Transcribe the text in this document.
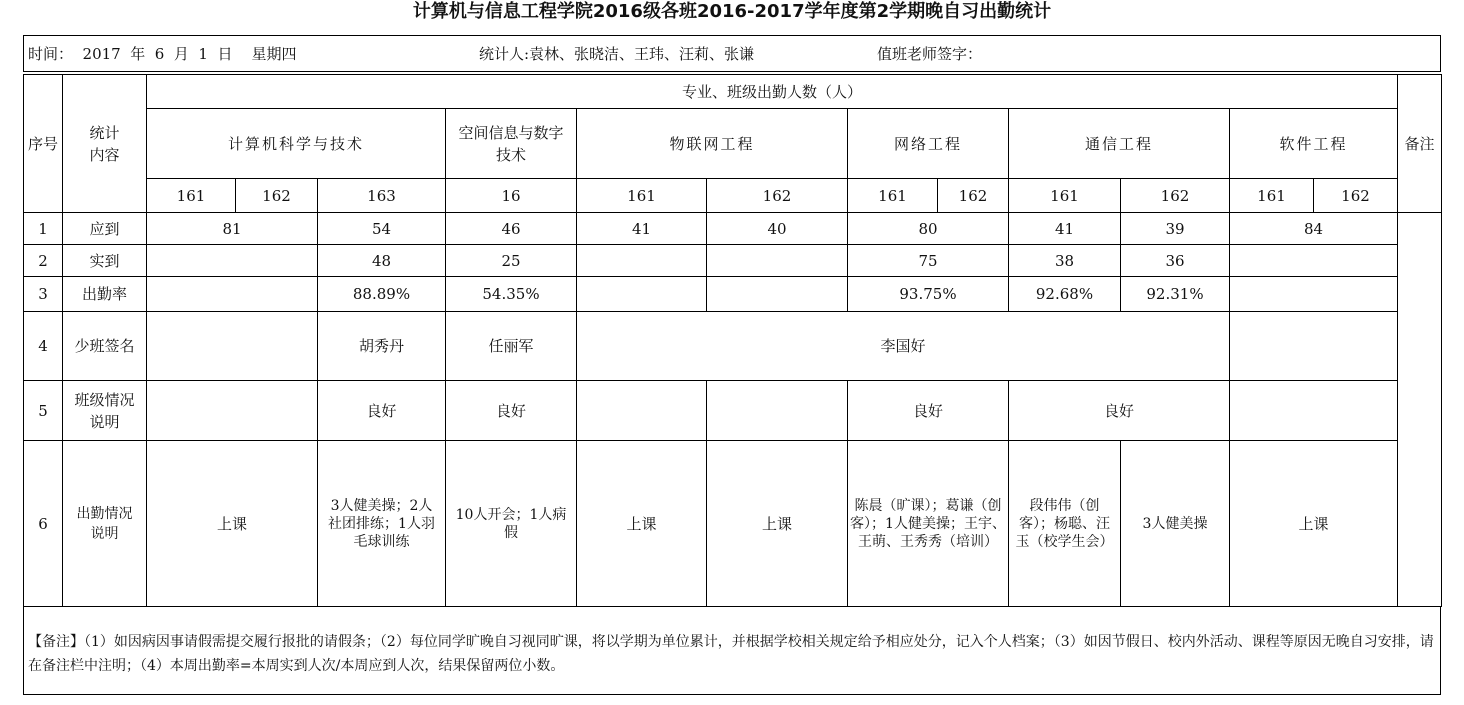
计算机与信息工程学院2016级各班2016-2017学年度第2学期晚自习出勤统计
时间：  2017  年  6  月  1  日    星期四	统计人:袁林、张晓洁、王玮、汪莉、张谦	值班老师签字：
序号	统计内容	专业、班级出勤人数（人）												备注	
		计算机科学与技术			空间信息与数字技术	物联网工程		网络工程		通信工程		软件工程			
		161	162	163	16	161	162	161	162	161	162	161	162		
1	应到	81		54	46	41	40	80		41	39	84			
2	实到			48	25			75		38	36				
3	出勤率			88.89%	54.35%			93.75%		92.68%	92.31%				
4	少班签名			胡秀丹	任丽军	李国好									
5	班级情况说明			良好	良好			良好		良好					
6	出勤情况说明	上课		3人健美操；2人社团排练；1人羽毛球训练	10人开会；1人病假	上课	上课	陈晨（旷课）；葛谦（创客）；1人健美操；王宇、王萌、王秀秀（培训）		段伟伟（创客）；杨聪、汪玉（校学生会）	3人健美操	上课			
【备注】（1）如因病因事请假需提交履行报批的请假条；（2）每位同学旷晚自习视同旷课，将以学期为单位累计，并根据学校相关规定给予相应处分，记入个人档案；（3）如因节假日、校内外活动、课程等原因无晚自习安排，请在备注栏中注明；（4）本周出勤率=本周实到人次/本周应到人次，结果保留两位小数。
